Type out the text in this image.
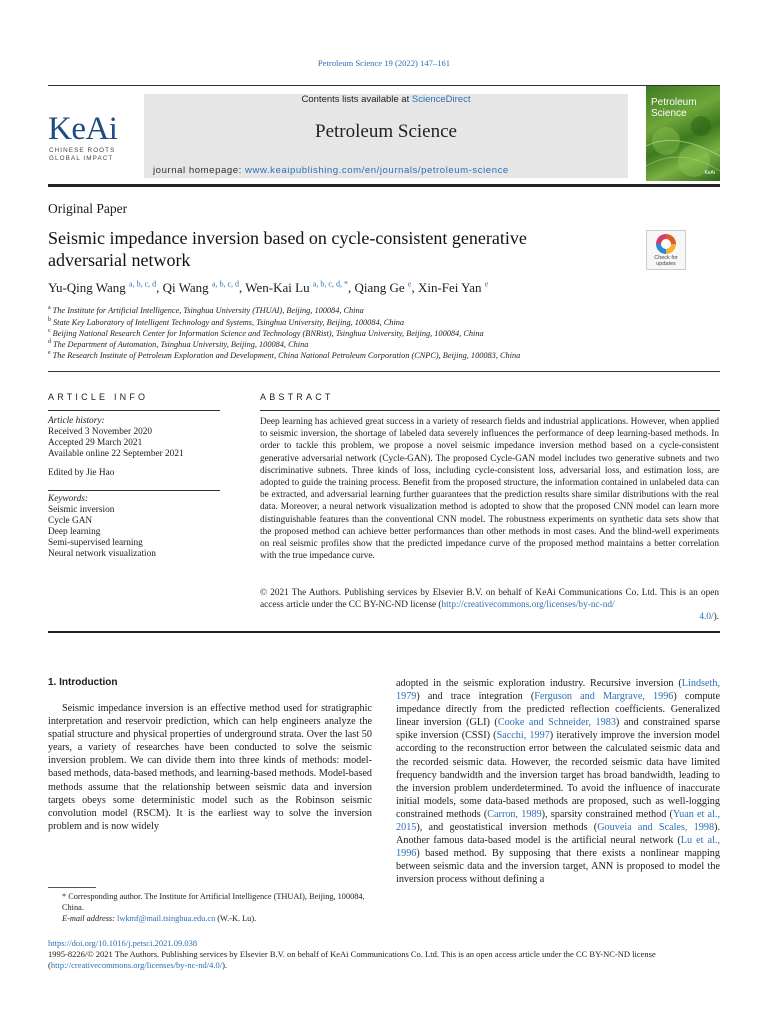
Petroleum Science 19 (2022) 147–161
KeAi
CHINESE ROOTS
GLOBAL IMPACT
Contents lists available at ScienceDirect
Petroleum Science
journal homepage: www.keaipublishing.com/en/journals/petroleum-science
Petroleum
Science
KeAi
Original Paper
Seismic impedance inversion based on cycle-consistent generative
adversarial network	Check for
updates
Yu-Qing Wang $^{a, b, c, d}$, Qi Wang $^{a, b, c, d}$, Wen-Kai Lu $^{a, b, c, d, *}$, Qiang Ge $^e$, Xin-Fei Yan $^e$
$^a$ The Institute for Artificial Intelligence, Tsinghua University (THUAI), Beijing, 100084, China
$^b$ State Key Laboratory of Intelligent Technology and Systems, Tsinghua University, Beijing, 100084, China
$^c$ Beijing National Research Center for Information Science and Technology (BNRist), Tsinghua University, Beijing, 100084, China
$^d$ The Department of Automation, Tsinghua University, Beijing, 100084, China
$^e$ The Research Institute of Petroleum Exploration and Development, China National Petroleum Corporation (CNPC), Beijing, 100083, China
ARTICLE INFO
Article history:
Received 3 November 2020
Accepted 29 March 2021
Available online 22 September 2021
Edited by Jie Hao
Keywords:
Seismic inversion
Cycle GAN
Deep learning
Semi-supervised learning
Neural network visualization
ABSTRACT
Deep learning has achieved great success in a variety of research fields and industrial applications. However, when applied to seismic inversion, the shortage of labeled data severely influences the performance of deep learning-based methods. In order to tackle this problem, we propose a novel seismic impedance inversion method based on a cycle-consistent generative adversarial network (Cycle-GAN). The proposed Cycle-GAN model includes two generative subnets and two discriminative subnets. Three kinds of loss, including cycle-consistent loss, adversarial loss, and estimation loss, are adopted to guide the training process. Benefit from the proposed structure, the information contained in unlabeled data can be extracted, and adversarial learning further guarantees that the prediction results share similar distributions with the real data. Moreover, a neural network visualization method is adopted to show that the proposed CNN model can learn more distinguishable features than the conventional CNN model. The robustness experiments on synthetic data sets show that the proposed method can achieve better performances than other methods in most cases. And the blind-well experiments on real seismic profiles show that the predicted impedance curve of the proposed method maintains a better correlation with the true impedance curve.
© 2021 The Authors. Publishing services by Elsevier B.V. on behalf of KeAi Communications Co. Ltd. This is an open access article under the CC BY-NC-ND license (http://creativecommons.org/licenses/by-nc-nd/
4.0/).
1. Introduction
Seismic impedance inversion is an effective method used for stratigraphic interpretation and reservoir prediction, which can help engineers analyze the spatial structure and physical properties of underground strata. Over the last 50 years, a variety of researches have been conducted to solve the seismic inversion problem. We can divide them into three kinds of methods: model-based methods, data-based methods, and learning-based methods. Model-based methods assume that the relationship between seismic data and inversion targets obeys some deterministic model such as the Robinson seismic convolution model (RSCM). It is the earliest way to solve the inversion problem and is now widely
adopted in the seismic exploration industry. Recursive inversion (Lindseth, 1979) and trace integration (Ferguson and Margrave, 1996) compute impedance directly from the predicted reflection coefficients. Generalized linear inversion (GLI) (Cooke and Schneider, 1983) and constrained sparse spike inversion (CSSI) (Sacchi, 1997) iteratively improve the inversion model according to the reconstruction error between the calculated seismic data and the recorded seismic data. However, the recorded seismic data have limited frequency bandwidth and the inversion target has broad bandwidth, leading to the inversion problem underdetermined. To avoid the influence of inaccurate initial models, some data-based methods are proposed, such as well-logging constrained methods (Carron, 1989), sparsity constrained method (Yuan et al., 2015), and geostatistical inversion methods (Gouveia and Scales, 1998). Another famous data-based model is the artificial neural network (Lu et al., 1996) based method. By supposing that there exists a nonlinear mapping between seismic data and the inversion target, ANN is proposed to model the inversion process without defining a
* Corresponding author. The Institute for Artificial Intelligence (THUAI), Beijing, 100084, China.
E-mail address: lwkmf@mail.tsinghua.edu.cn (W.-K. Lu).
https://doi.org/10.1016/j.petsci.2021.09.038
1995-8226/© 2021 The Authors. Publishing services by Elsevier B.V. on behalf of KeAi Communications Co. Ltd. This is an open access article under the CC BY-NC-ND license (http://creativecommons.org/licenses/by-nc-nd/4.0/).
